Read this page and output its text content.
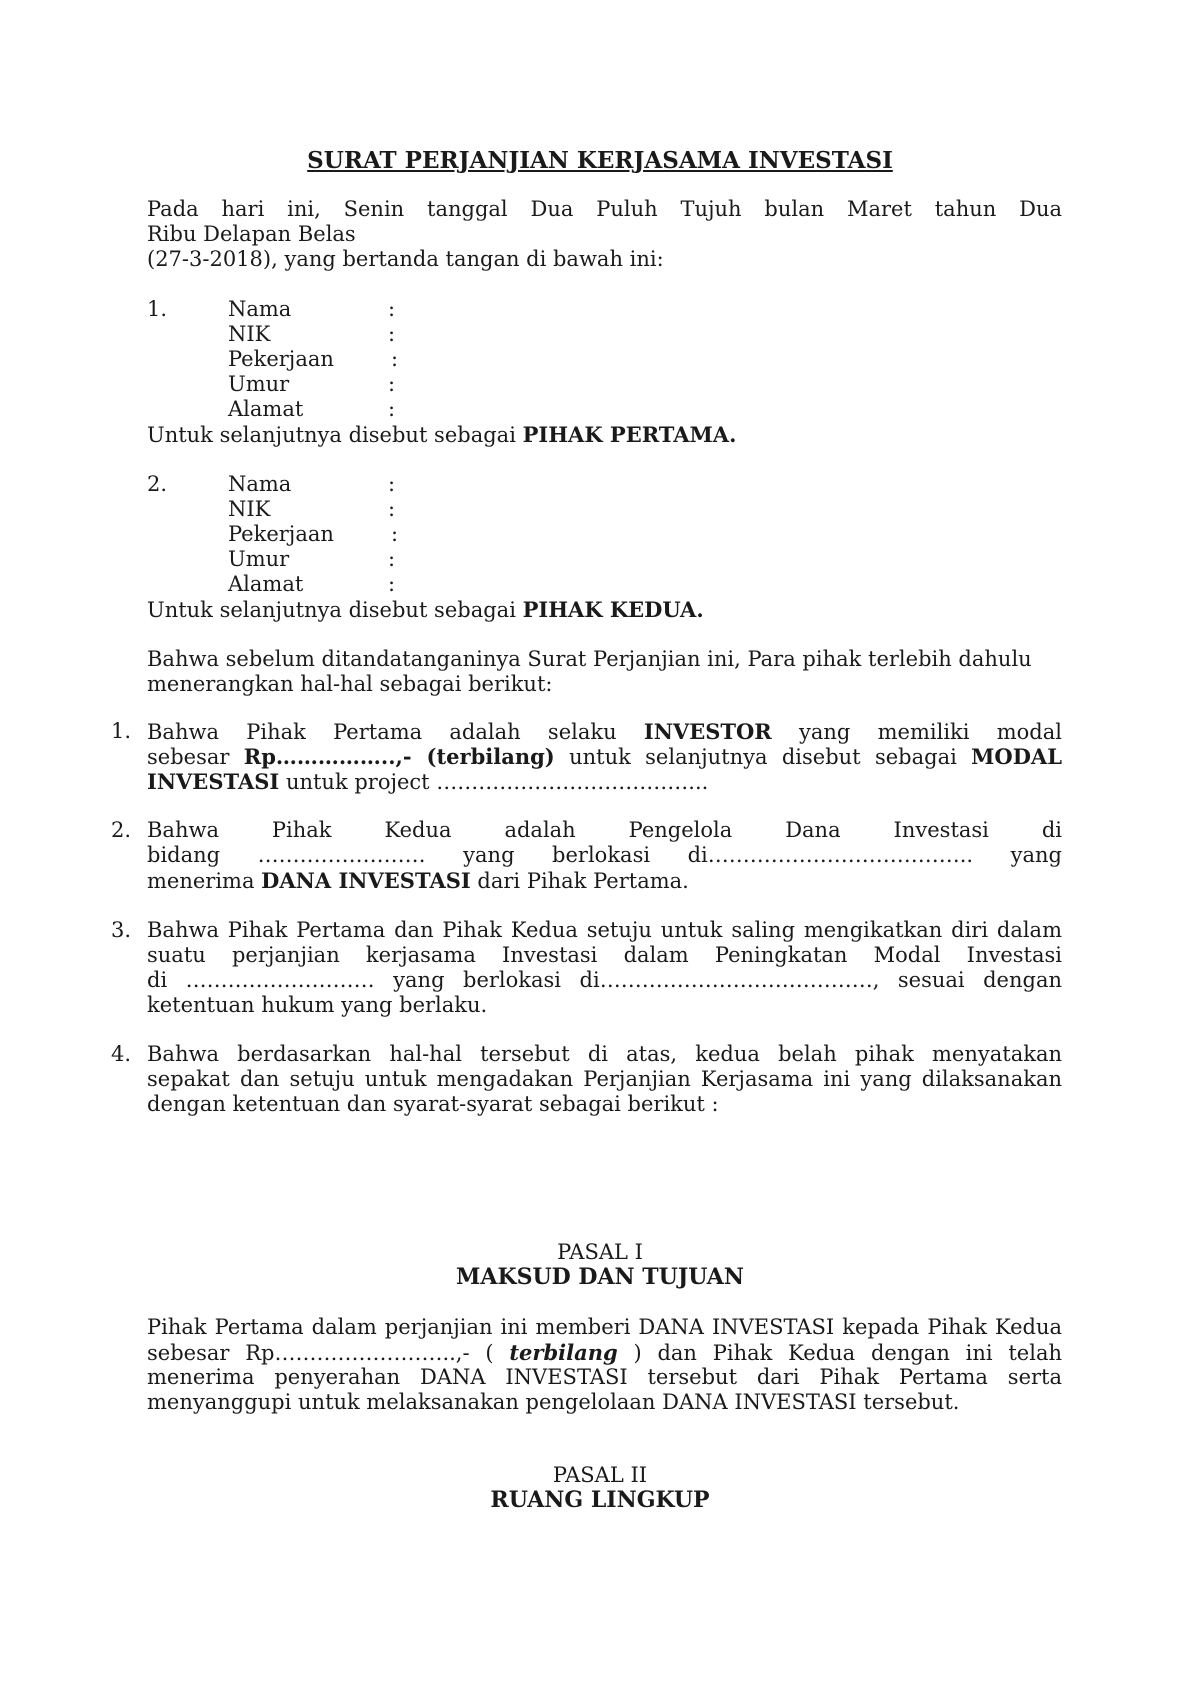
SURAT PERJANJIAN KERJASAMA INVESTASI
Pada hari ini, Senin tanggal Dua Puluh Tujuh bulan Maret tahun Dua
Ribu Delapan Belas
(27-3-2018), yang bertanda tangan di bawah ini:
1.	Nama	:
NIK	:
Pekerjaan	:
Umur	:
Alamat	:
Untuk selanjutnya disebut sebagai PIHAK PERTAMA.
2.	Nama	:
NIK	:
Pekerjaan	:
Umur	:
Alamat	:
Untuk selanjutnya disebut sebagai PIHAK KEDUA.
Bahwa sebelum ditandatanganinya Surat Perjanjian ini, Para pihak terlebih dahulu
menerangkan hal-hal sebagai berikut:
1. Bahwa Pihak Pertama adalah selaku INVESTOR yang memiliki modal
sebesar Rp……………..,- (terbilang) untuk selanjutnya disebut sebagai MODAL
INVESTASI untuk project ………………………………...
2. Bahwa Pihak Kedua adalah Pengelola Dana Investasi di
bidang …………………… yang berlokasi di……………………………….. yang
menerima DANA INVESTASI dari Pihak Pertama.
3. Bahwa Pihak Pertama dan Pihak Kedua setuju untuk saling mengikatkan diri dalam
suatu perjanjian kerjasama Investasi dalam Peningkatan Modal Investasi
di ……………………… yang berlokasi di…………………………………, sesuai dengan
ketentuan hukum yang berlaku.
4. Bahwa berdasarkan hal-hal tersebut di atas, kedua belah pihak menyatakan
sepakat dan setuju untuk mengadakan Perjanjian Kerjasama ini yang dilaksanakan
dengan ketentuan dan syarat-syarat sebagai berikut :
PASAL I
MAKSUD DAN TUJUAN
Pihak Pertama dalam perjanjian ini memberi DANA INVESTASI kepada Pihak Kedua
sebesar Rp……………………..,- ( terbilang ) dan Pihak Kedua dengan ini telah
menerima penyerahan DANA INVESTASI tersebut dari Pihak Pertama serta
menyanggupi untuk melaksanakan pengelolaan DANA INVESTASI tersebut.
PASAL II
RUANG LINGKUP
